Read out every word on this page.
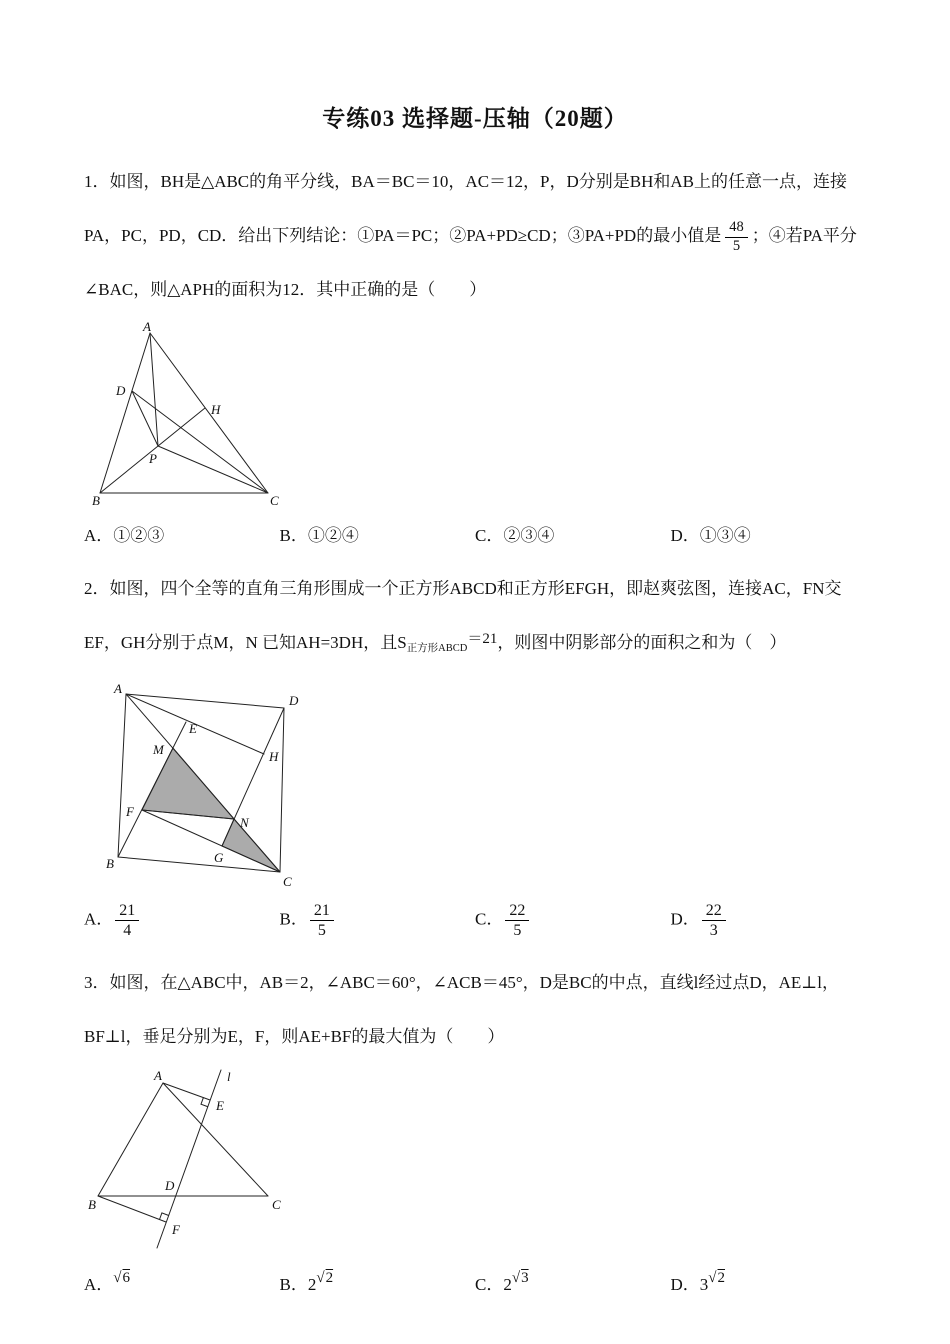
专练03 选择题-压轴（20题）

1．如图，BH是△ABC的角平分线，BA＝BC＝10，AC＝12，P，D分别是BH和AB上的任意一点，连接

PA，PC，PD，CD．给出下列结论：①PA＝PC；②PA+PD≥CD；③PA+PD的最小值是 $\frac{48}{5}$ ；④若PA平分

∠BAC，则△APH的面积为12．其中正确的是（　　）

A
B	C
D
H
P
A．①②③	B．①②④	C．②③④	D．①③④

2．如图，四个全等的直角三角形围成一个正方形ABCD和正方形EFGH，即赵爽弦图，连接AC，FN交

EF，GH分别于点M，N 已知AH=3DH，且S正方形ABCD＝21，则图中阴影部分的面积之和为（　）

A
D
B
C
E
M	H
F
N
G
A． $\frac{21}{4}$	B． $\frac{21}{5}$	C． $\frac{22}{5}$	D． $\frac{22}{3}$

3．如图，在△ABC中，AB＝2，∠ABC＝60°，∠ACB＝45°，D是BC的中点，直线l经过点D，AE⊥l，

BF⊥l，垂足分别为E，F，则AE+BF的最大值为（　　）

A	l
E
B
D
C
F
A．√6	B．2√2	C．2√3	D．3√2
